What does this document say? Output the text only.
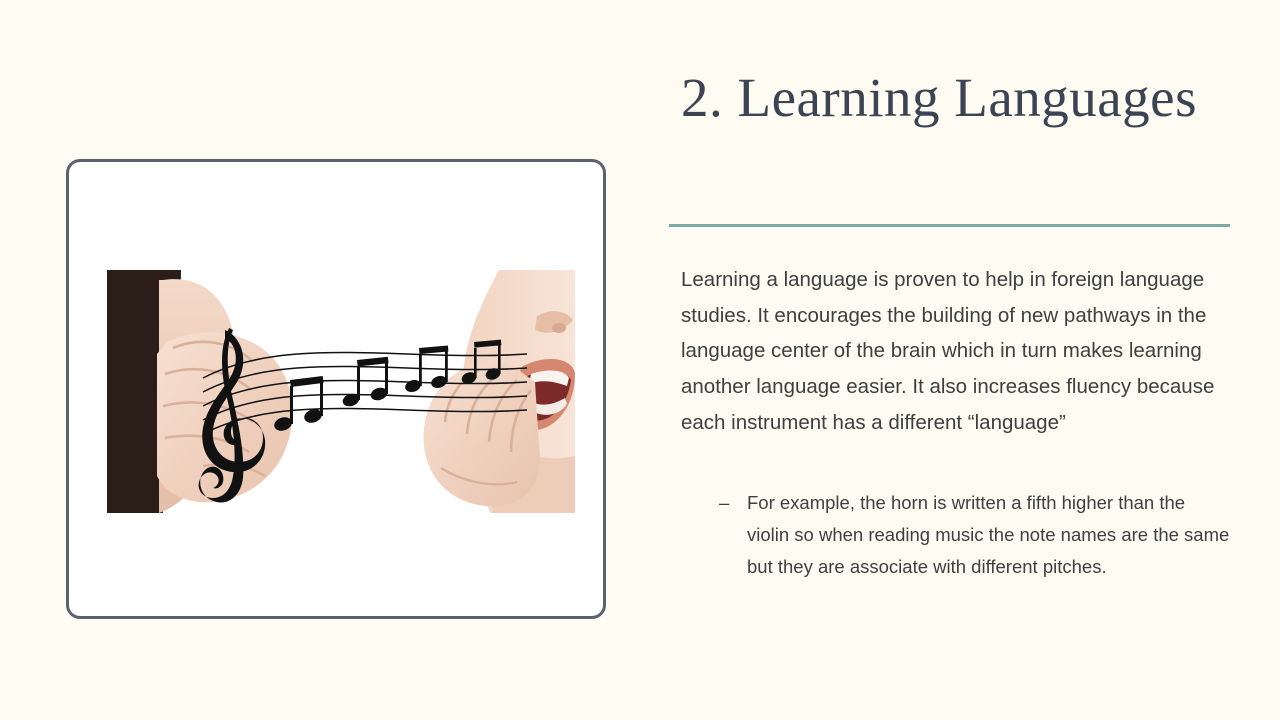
2. Learning Languages
Learning a language is proven to help in foreign language studies. It encourages the building of new pathways in the language center of the brain which in turn makes learning another language easier. It also increases fluency because each instrument has a different “language”
– For example, the horn is written a fifth higher than the violin so when reading music the note names are the same but they are associate with different pitches.
